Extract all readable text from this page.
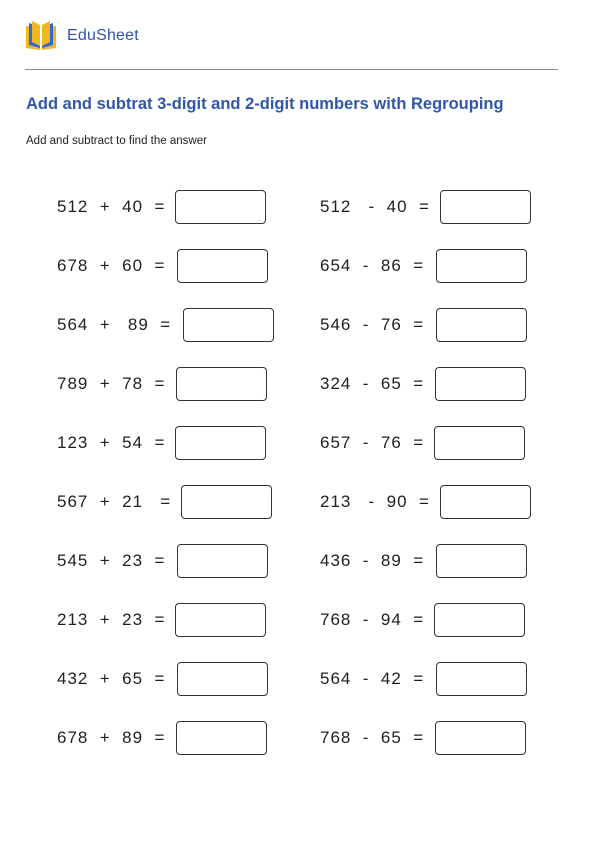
EduSheet
Add and subtrat 3-digit and 2-digit numbers with Regrouping
Add and subtract to find the answer
512  +  40  =
678  +  60  =
564  +   89  =
789  +  78  =
123  +  54  =
567  +  21   =
545  +  23  =
213  +  23  =
432  +  65  =
678  +  89  =
512   -  40  =
654  -  86  =
546  -  76  =
324  -  65  =
657  -  76  =
213   -  90  =
436  -  89  =
768  -  94  =
564  -  42  =
768  -  65  =
